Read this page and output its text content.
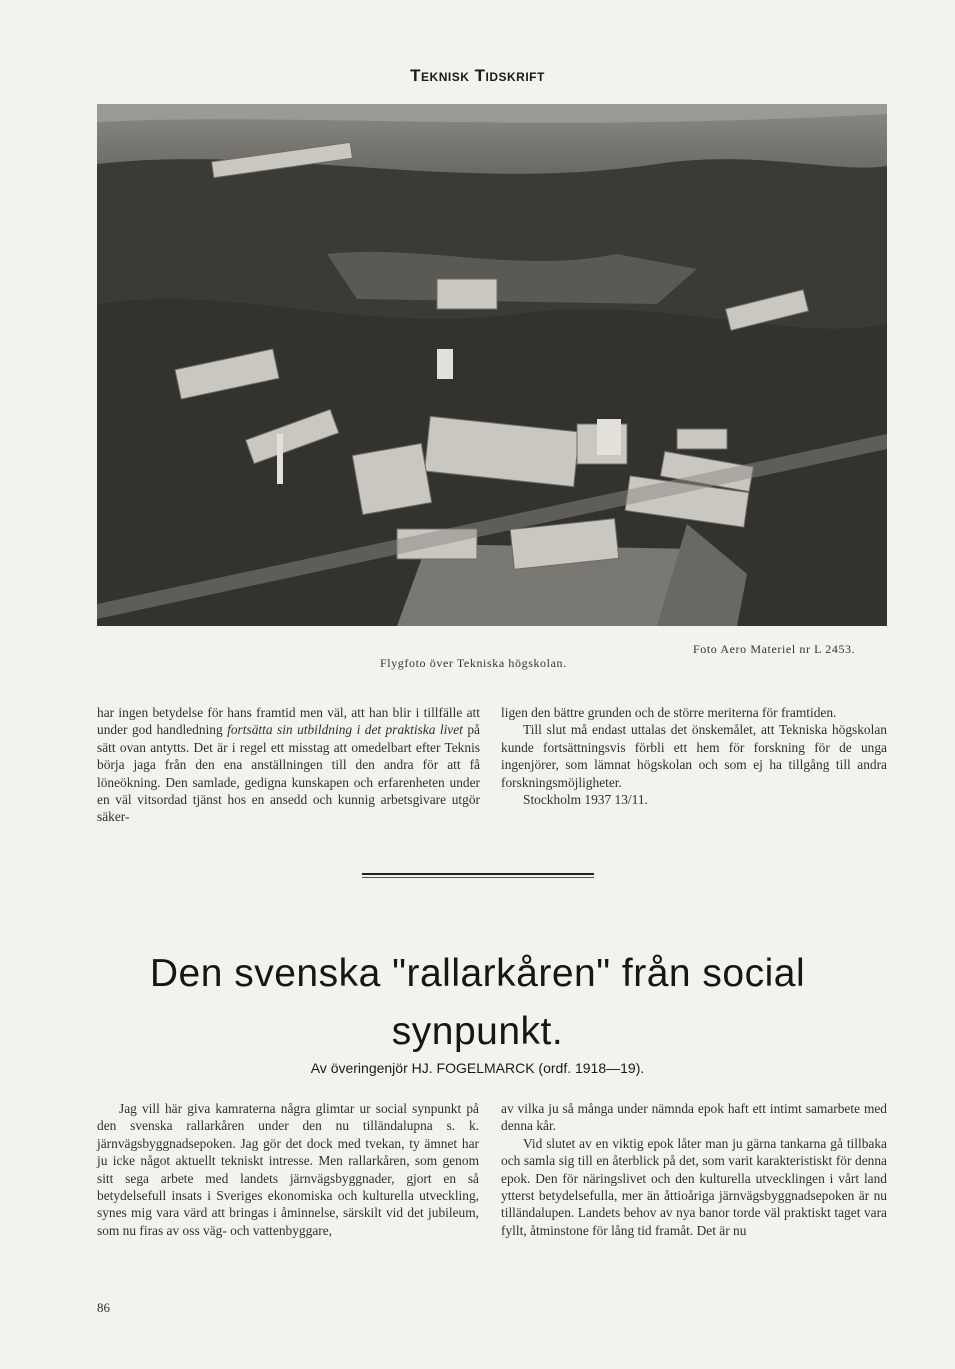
Teknisk Tidskrift
Foto Aero Materiel nr L 2453.
Flygfoto över Tekniska högskolan.

har ingen betydelse för hans framtid men väl, att han blir i tillfälle att under god handledning fortsätta sin utbildning i det praktiska livet på sätt ovan antytts. Det är i regel ett misstag att omedelbart efter Teknis börja jaga från den ena anställningen till den andra för att få löneökning. Den samlade, gedigna kunskapen och erfarenheten under en väl vitsordad tjänst hos en ansedd och kunnig arbetsgivare utgör säker-

ligen den bättre grunden och de större meriterna för framtiden.

Till slut må endast uttalas det önskemålet, att Tekniska högskolan kunde fortsättningsvis förbli ett hem för forskning för de unga ingenjörer, som lämnat högskolan och som ej ha tillgång till andra forskningsmöjligheter.

Stockholm 1937 13/11.

Den svenska "rallarkåren" från social
synpunkt.
Av överingenjör HJ. FOGELMARCK (ordf. 1918—19).

Jag vill här giva kamraterna några glimtar ur social synpunkt på den svenska rallarkåren under den nu tilländalupna s. k. järnvägsbyggnadsepoken. Jag gör det dock med tvekan, ty ämnet har ju icke något aktuellt tekniskt intresse. Men rallarkåren, som genom sitt sega arbete med landets järnvägsbyggnader, gjort en så betydelsefull insats i Sveriges ekonomiska och kulturella utveckling, synes mig vara värd att bringas i åminnelse, särskilt vid det jubileum, som nu firas av oss väg- och vattenbyggare,

av vilka ju så många under nämnda epok haft ett intimt samarbete med denna kår.

Vid slutet av en viktig epok låter man ju gärna tankarna gå tillbaka och samla sig till en återblick på det, som varit karakteristiskt för denna epok. Den för näringslivet och den kulturella utvecklingen i vårt land ytterst betydelsefulla, mer än åttioåriga järnvägsbyggnadsepoken är nu tilländalupen. Landets behov av nya banor torde väl praktiskt taget vara fyllt, åtminstone för lång tid framåt. Det är nu

86
